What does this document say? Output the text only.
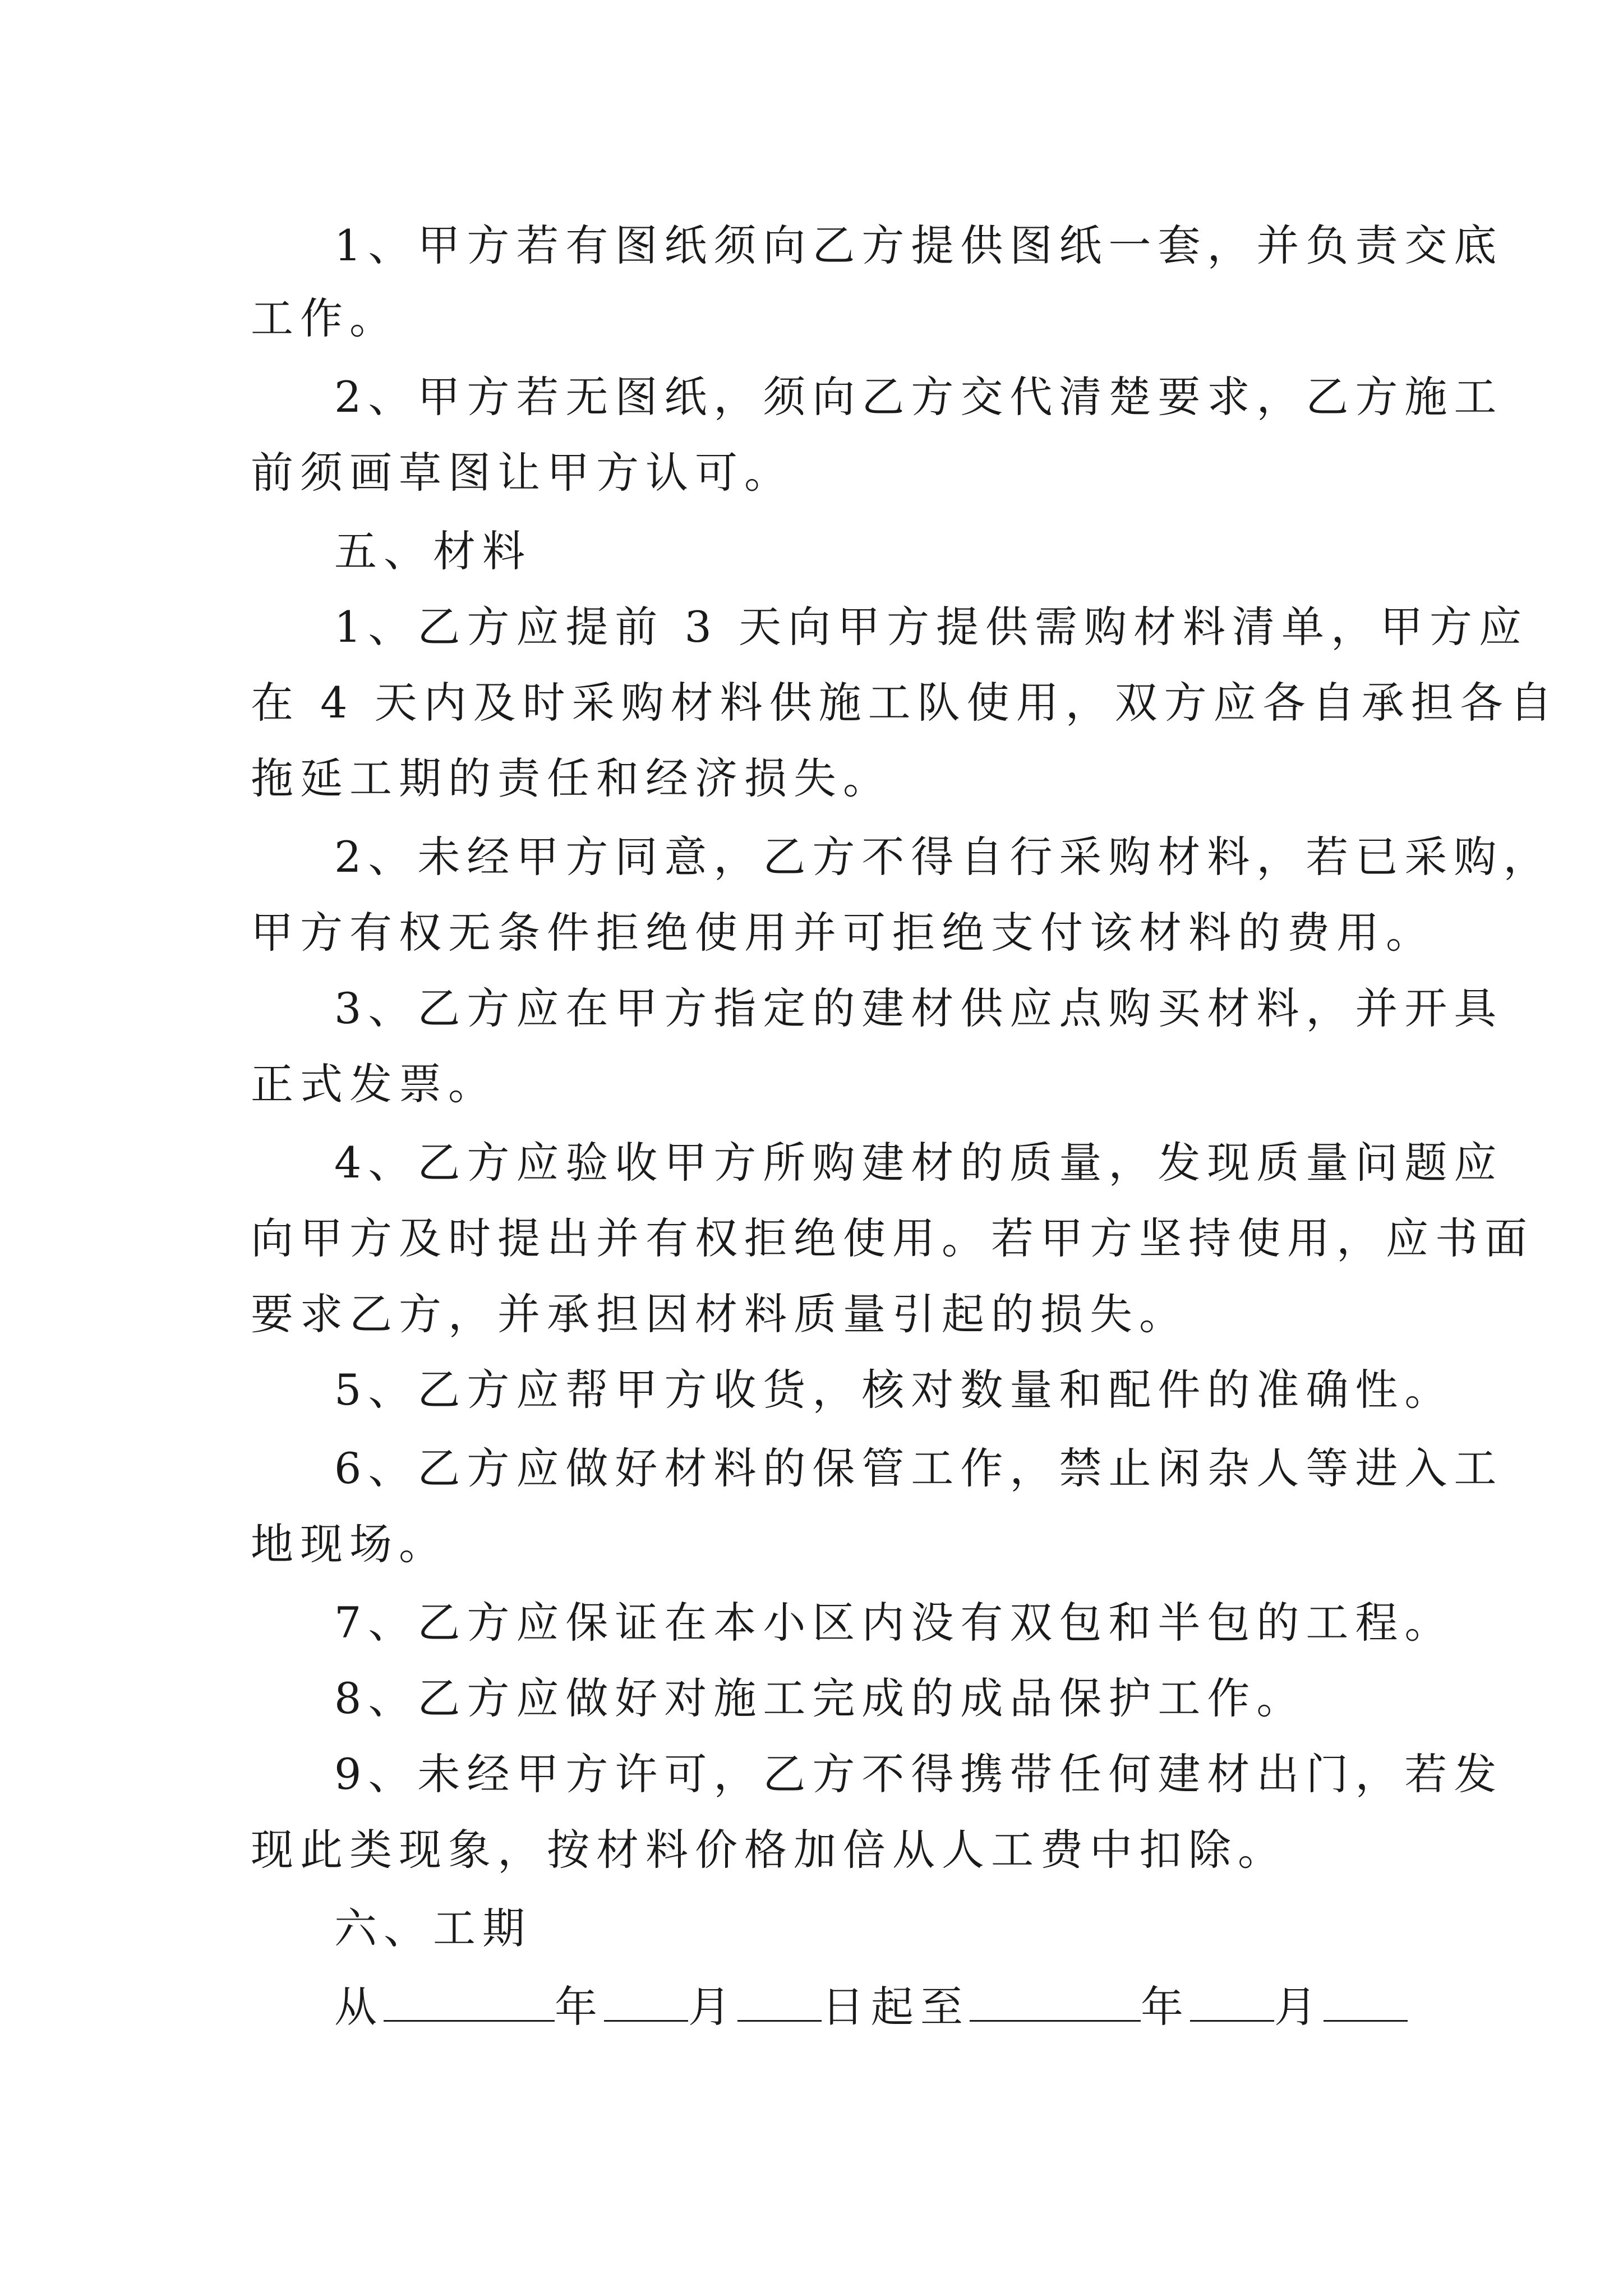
1、甲方若有图纸须向乙方提供图纸一套，并负责交底
工作。
2、甲方若无图纸，须向乙方交代清楚要求，乙方施工
前须画草图让甲方认可。
五、材料
1、乙方应提前 3 天向甲方提供需购材料清单，甲方应
在 4 天内及时采购材料供施工队使用，双方应各自承担各自
拖延工期的责任和经济损失。
2、未经甲方同意，乙方不得自行采购材料，若已采购，
甲方有权无条件拒绝使用并可拒绝支付该材料的费用。
3、乙方应在甲方指定的建材供应点购买材料，并开具
正式发票。
4、乙方应验收甲方所购建材的质量，发现质量问题应
向甲方及时提出并有权拒绝使用。若甲方坚持使用，应书面
要求乙方，并承担因材料质量引起的损失。
5、乙方应帮甲方收货，核对数量和配件的准确性。
6、乙方应做好材料的保管工作，禁止闲杂人等进入工
地现场。
7、乙方应保证在本小区内没有双包和半包的工程。
8、乙方应做好对施工完成的成品保护工作。
9、未经甲方许可，乙方不得携带任何建材出门，若发
现此类现象，按材料价格加倍从人工费中扣除。
六、工期
从	年 月 日起至	年 月
